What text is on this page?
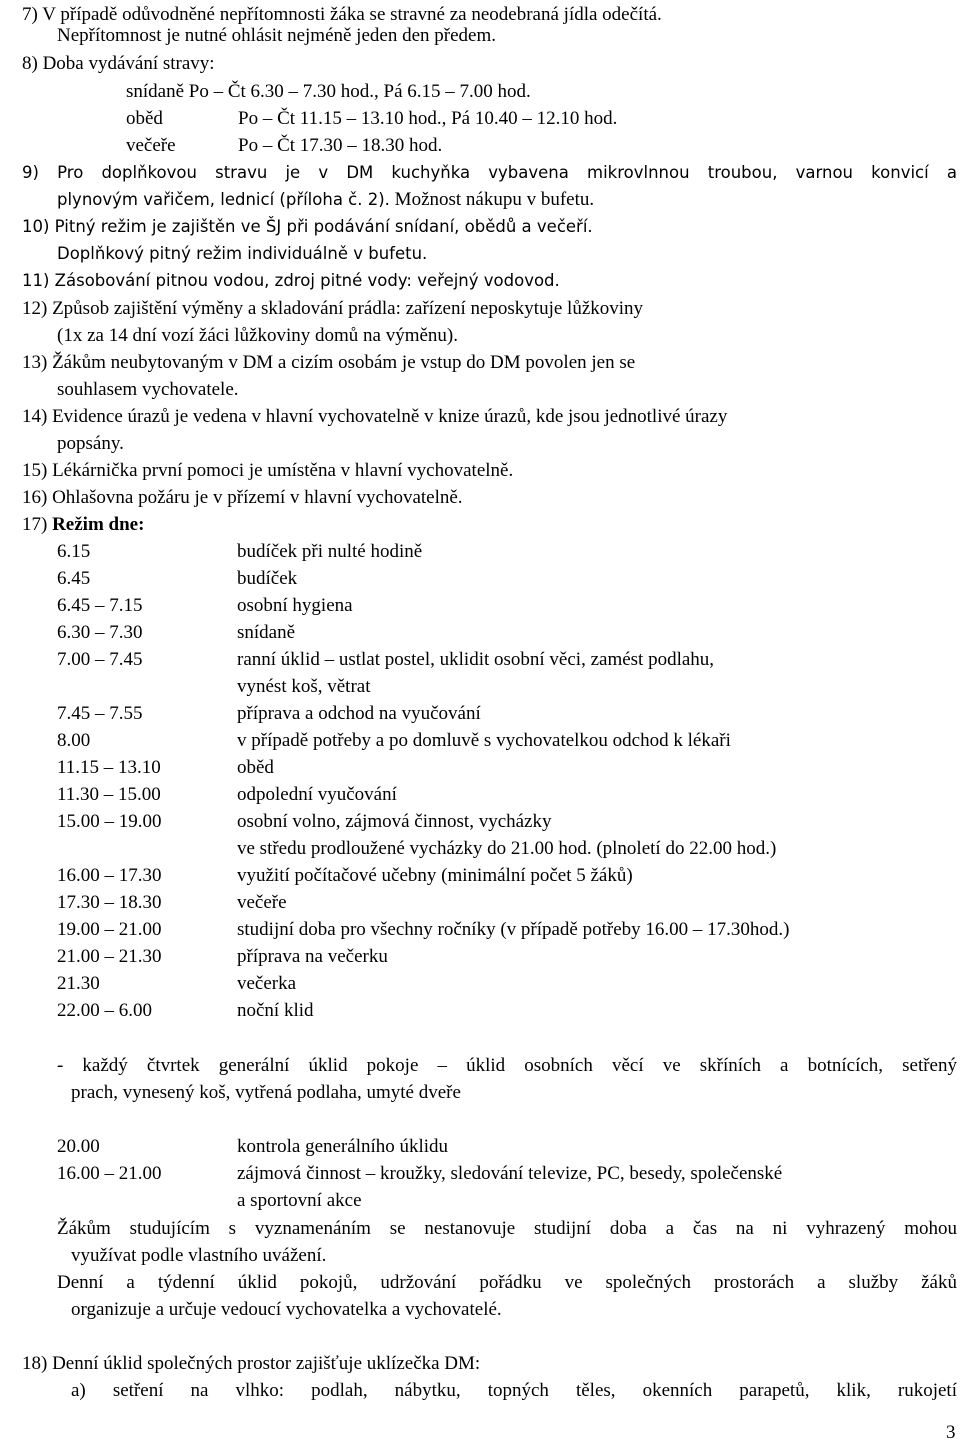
7) V případě odůvodněné nepřítomnosti žáka se stravné za neodebraná jídla odečítá.
Nepřítomnost je nutné ohlásit nejméně jeden den předem.
8) Doba vydávání stravy:
snídaně Po – Čt 6.30 – 7.30 hod., Pá 6.15 – 7.00 hod.
oběd	Po – Čt 11.15 – 13.10 hod., Pá 10.40 – 12.10 hod.
večeře	Po – Čt 17.30 – 18.30 hod.
9) Pro doplňkovou stravu je v DM kuchyňka vybavena mikrovlnnou troubou, varnou konvicí a
plynovým vařičem, lednicí (příloha č. 2). Možnost nákupu v bufetu.
10) Pitný režim je zajištěn ve ŠJ při podávání snídaní, obědů a večeří.
Doplňkový pitný režim individuálně v bufetu.
11) Zásobování pitnou vodou, zdroj pitné vody: veřejný vodovod.
12) Způsob zajištění výměny a skladování prádla: zařízení neposkytuje lůžkoviny
(1x za 14 dní vozí žáci lůžkoviny domů na výměnu).
13) Žákům neubytovaným v DM a cizím osobám je vstup do DM povolen jen se
souhlasem vychovatele.
14) Evidence úrazů je vedena v hlavní vychovatelně v knize úrazů, kde jsou jednotlivé úrazy
popsány.
15) Lékárnička první pomoci je umístěna v hlavní vychovatelně.
16) Ohlašovna požáru je v přízemí v hlavní vychovatelně.
17) Režim dne:
6.15	budíček při nulté hodině
6.45	budíček
6.45 – 7.15	osobní hygiena
6.30 – 7.30	snídaně
7.00 – 7.45	ranní úklid – ustlat postel, uklidit osobní věci, zamést podlahu,
vynést koš, větrat
7.45 – 7.55	příprava a odchod na vyučování
8.00	v případě potřeby a po domluvě s vychovatelkou odchod k lékaři
11.15 – 13.10	oběd
11.30 – 15.00	odpolední vyučování
15.00 – 19.00	osobní volno, zájmová činnost, vycházky
ve středu prodloužené vycházky do 21.00 hod. (plnoletí do 22.00 hod.)
16.00 – 17.30	využití počítačové učebny (minimální počet 5 žáků)
17.30 – 18.30	večeře
19.00 – 21.00	studijní doba pro všechny ročníky (v případě potřeby 16.00 – 17.30hod.)
21.00 – 21.30	příprava na večerku
21.30	večerka
22.00 – 6.00	noční klid
- každý čtvrtek generální úklid pokoje – úklid osobních věcí ve skříních a botnících, setřený
prach, vynesený koš, vytřená podlaha, umyté dveře
20.00	kontrola generálního úklidu
16.00 – 21.00	zájmová činnost – kroužky, sledování televize, PC, besedy, společenské
a sportovní akce
Žákům studujícím s vyznamenáním se nestanovuje studijní doba a čas na ni vyhrazený mohou
využívat podle vlastního uvážení.
Denní a týdenní úklid pokojů, udržování pořádku ve společných prostorách a služby žáků
organizuje a určuje vedoucí vychovatelka a vychovatelé.
18) Denní úklid společných prostor zajišťuje uklízečka DM:
a) setření na vlhko: podlah, nábytku, topných těles, okenních parapetů, klik, rukojetí
3
